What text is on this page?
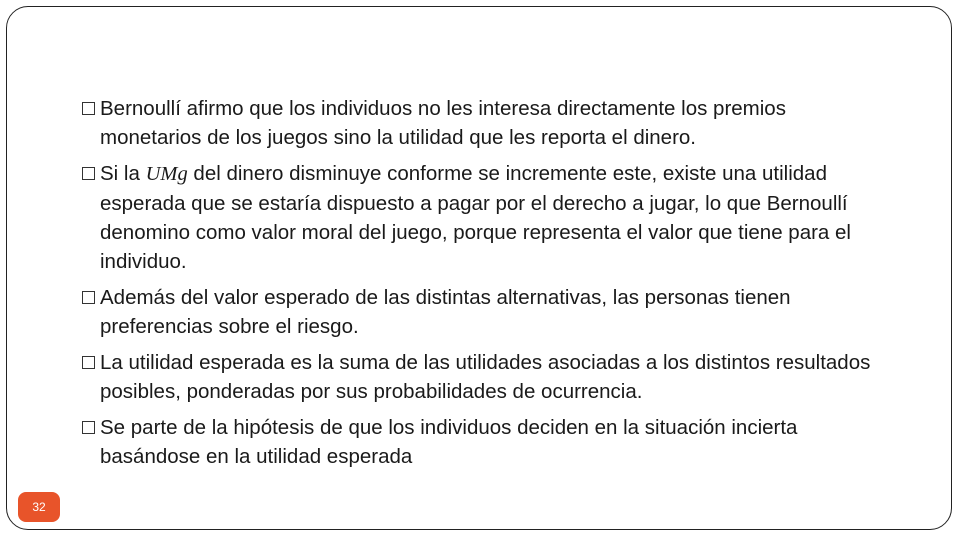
Bernoullí afirmo que los individuos no les interesa directamente los premios monetarios de los juegos sino la utilidad que les reporta el dinero.
Si la UMg del dinero disminuye conforme se incremente este, existe una utilidad esperada que se estaría dispuesto a pagar por el derecho a jugar, lo que Bernoullí denomino como valor moral del juego, porque representa el valor que tiene para el individuo.
Además del valor esperado de las distintas alternativas, las personas tienen preferencias sobre el riesgo.
La utilidad esperada es la suma de las utilidades asociadas a los distintos resultados posibles, ponderadas por sus probabilidades de ocurrencia.
Se parte de la hipótesis de que los individuos deciden en la situación incierta basándose en la utilidad esperada
32
